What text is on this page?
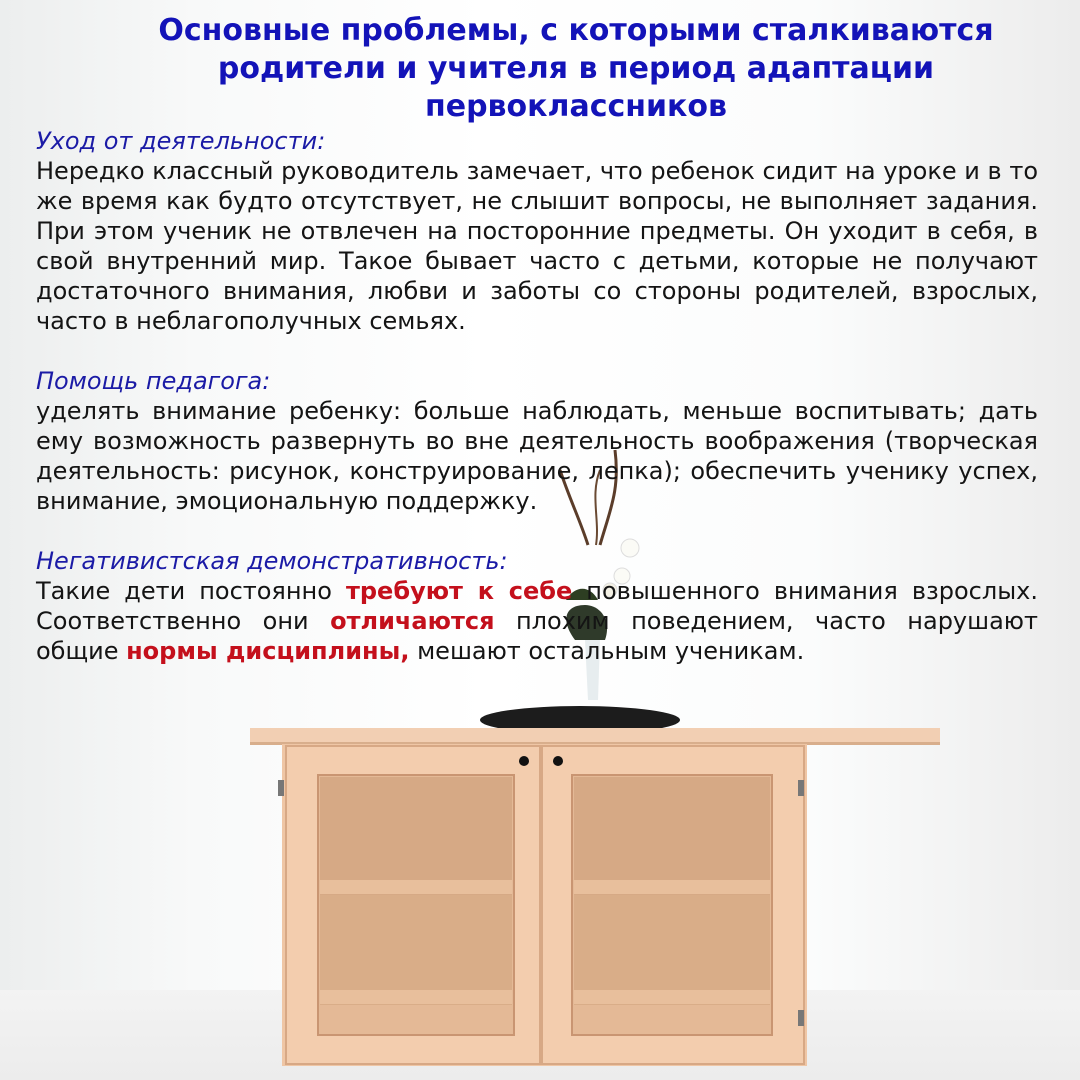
Основные проблемы, с которыми сталкиваются родители и учителя в период адаптации первоклассников

Уход от деятельности:

Нередко классный руководитель замечает, что ребенок сидит на уроке и в то же время как будто отсутствует, не слышит вопросы, не выполняет задания. При этом ученик не отвлечен на посторонние предметы. Он уходит в себя, в свой внутренний мир. Такое бывает часто с детьми, которые не получают достаточного внимания, любви и заботы со стороны родителей, взрослых, часто в неблагополучных семьях.

Помощь педагога:

уделять внимание ребенку: больше наблюдать, меньше воспитывать; дать ему возможность развернуть во вне деятельность воображения (творческая деятельность: рисунок, конструирование, лепка); обеспечить ученику успех, внимание, эмоциональную поддержку.

Негативистская демонстративность:

Такие дети постоянно требуют к себе повышенного внимания взрослых. Соответственно они отличаются плохим поведением, часто нарушают общие нормы дисциплины, мешают остальным ученикам.
